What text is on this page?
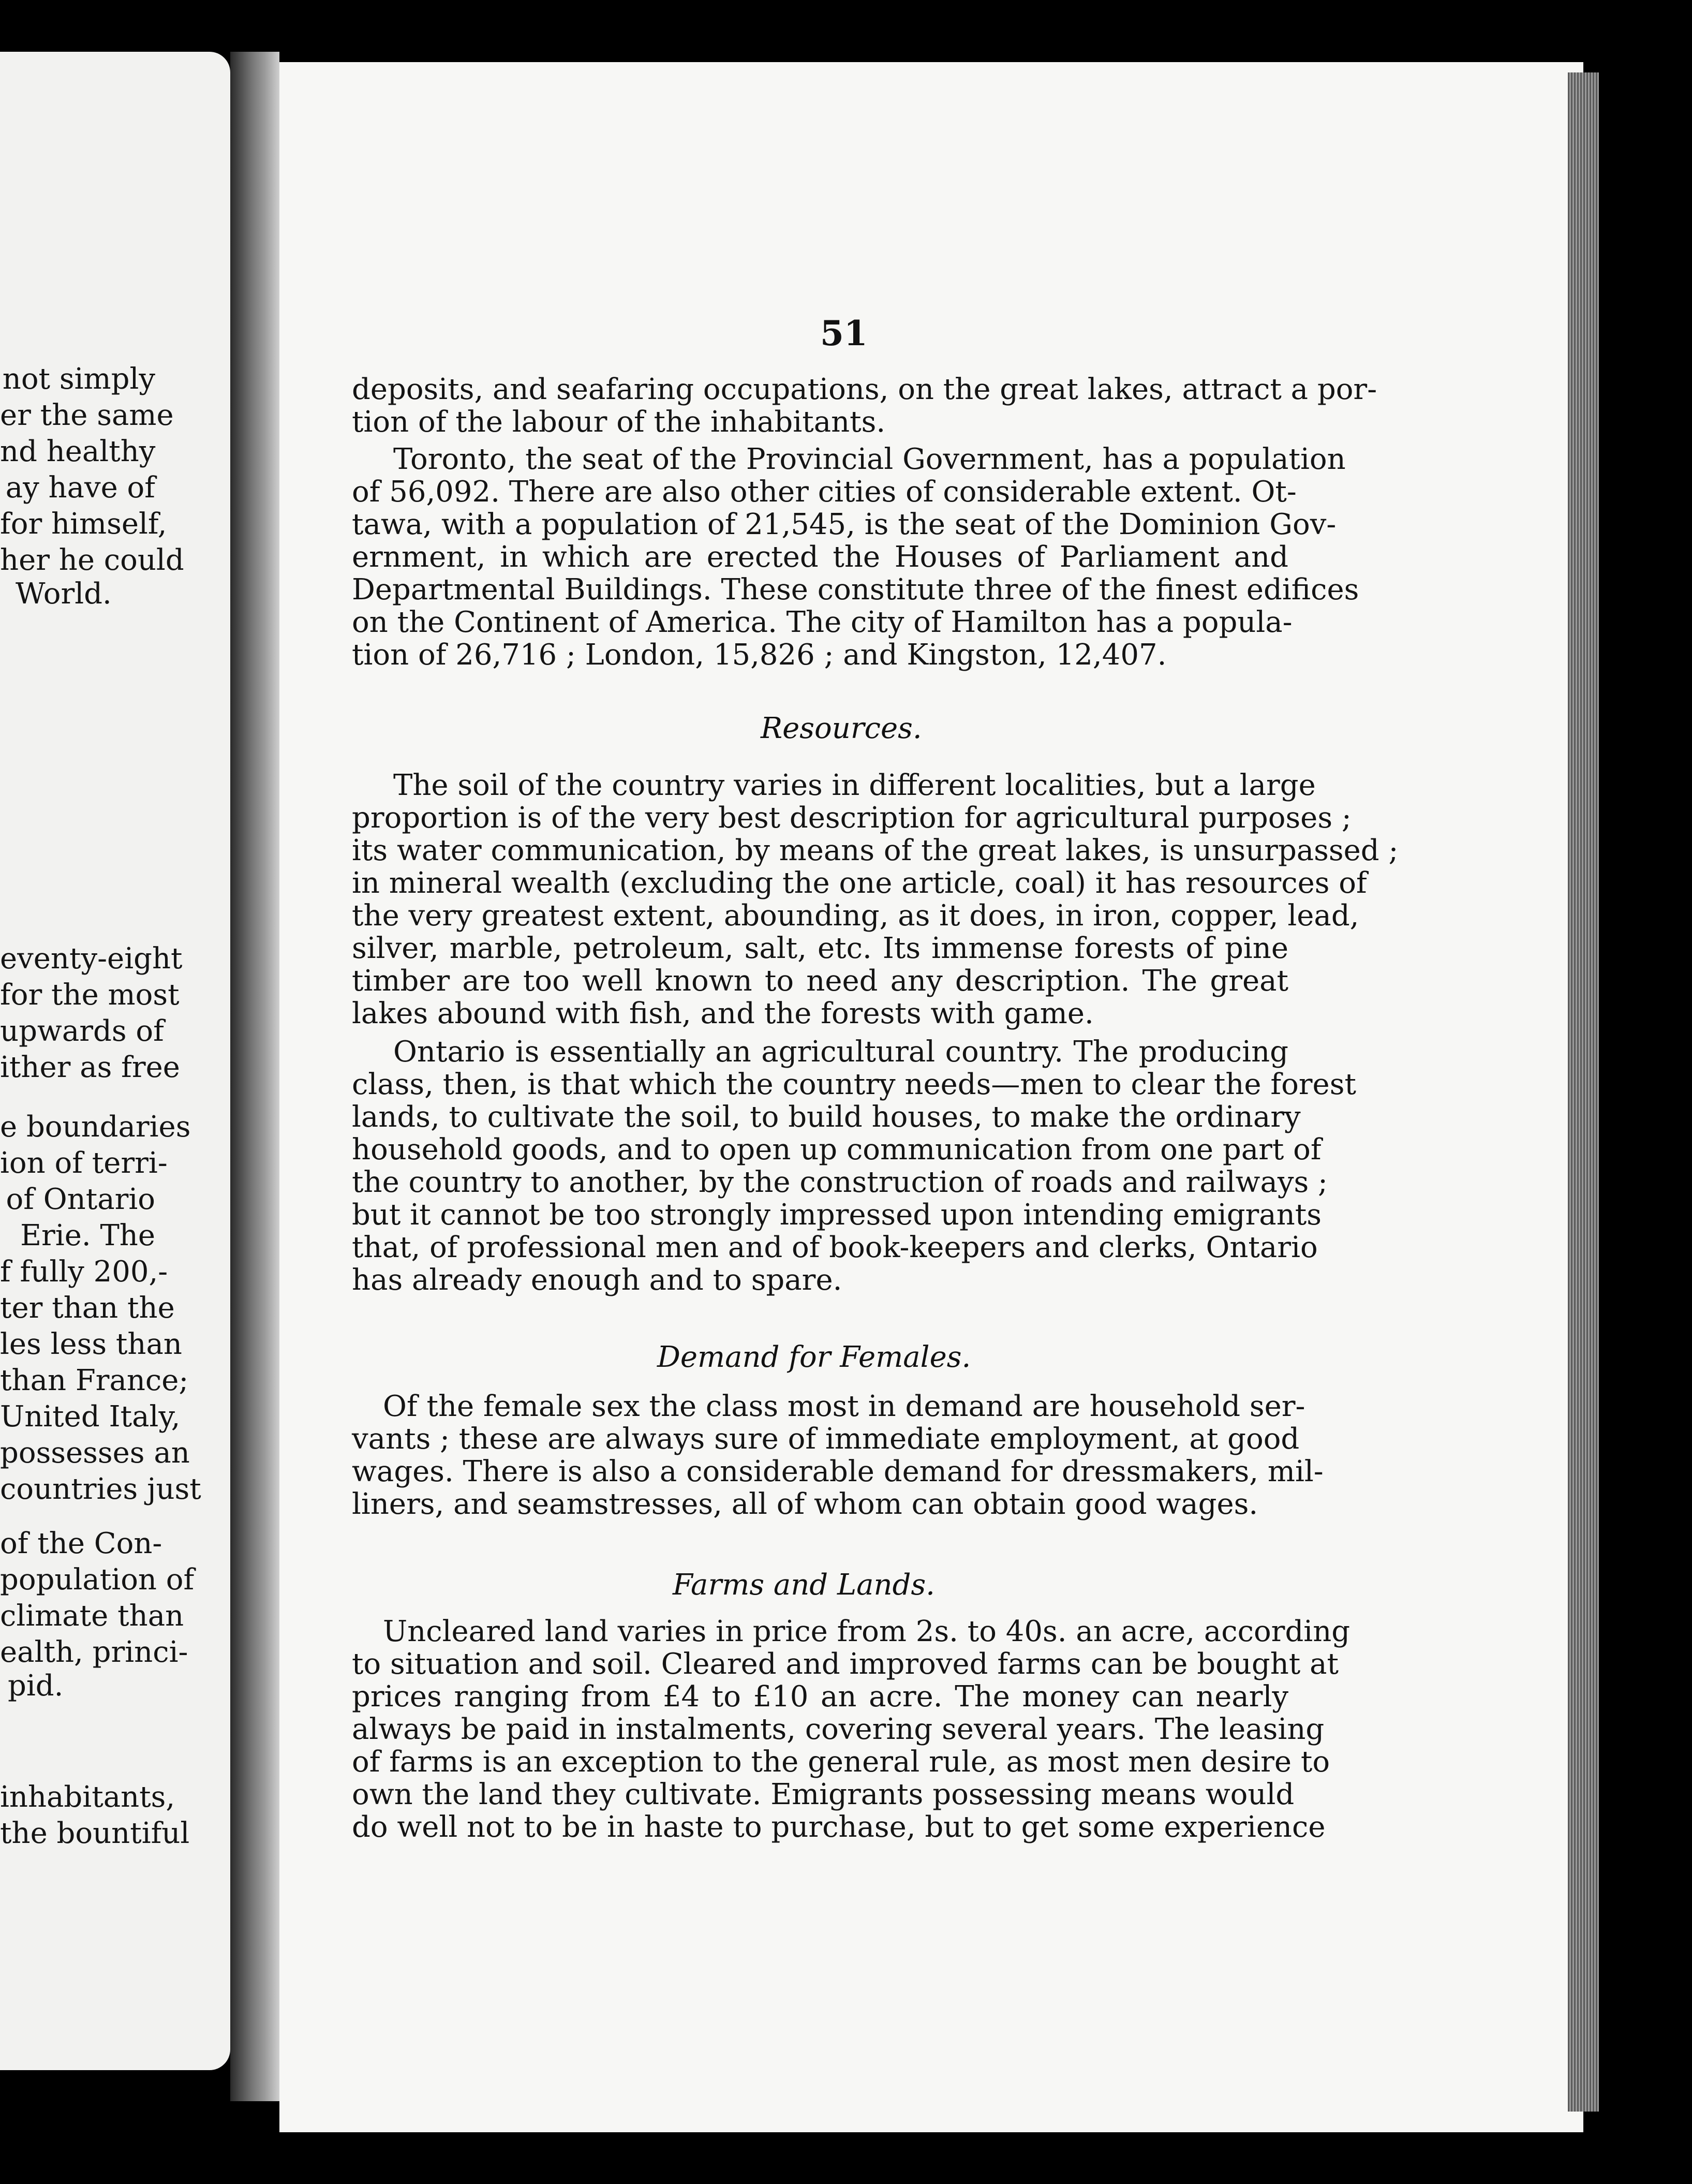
not simply
er the same
nd healthy
ay have of
for himself,
her he could
World.
eventy-eight
for the most
upwards of
ither as free
e boundaries
ion of terri-
of Ontario
Erie. The
f fully 200,-
ter than the
les less than
than France;
United Italy,
possesses an
countries just
of the Con-
population of
climate than
ealth, princi-
pid.
inhabitants,
the bountiful
51
deposits, and seafaring occupations, on the great lakes, attract a por-
tion of the labour of the inhabitants.
Toronto, the seat of the Provincial Government, has a population
of 56,092. There are also other cities of considerable extent. Ot-
tawa, with a population of 21,545, is the seat of the Dominion Gov-
ernment, in which are erected the Houses of Parliament and
Departmental Buildings. These constitute three of the finest edifices
on the Continent of America. The city of Hamilton has a popula-
tion of 26,716 ; London, 15,826 ; and Kingston, 12,407.
Resources.
The soil of the country varies in different localities, but a large
proportion is of the very best description for agricultural purposes ;
its water communication, by means of the great lakes, is unsurpassed ;
in mineral wealth (excluding the one article, coal) it has resources of
the very greatest extent, abounding, as it does, in iron, copper, lead,
silver, marble, petroleum, salt, etc. Its immense forests of pine
timber are too well known to need any description. The great
lakes abound with fish, and the forests with game.
Ontario is essentially an agricultural country. The producing
class, then, is that which the country needs—men to clear the forest
lands, to cultivate the soil, to build houses, to make the ordinary
household goods, and to open up communication from one part of
the country to another, by the construction of roads and railways ;
but it cannot be too strongly impressed upon intending emigrants
that, of professional men and of book-keepers and clerks, Ontario
has already enough and to spare.
Demand for Females.
Of the female sex the class most in demand are household ser-
vants ; these are always sure of immediate employment, at good
wages. There is also a considerable demand for dressmakers, mil-
liners, and seamstresses, all of whom can obtain good wages.
Farms and Lands.
Uncleared land varies in price from 2s. to 40s. an acre, according
to situation and soil. Cleared and improved farms can be bought at
prices ranging from £4 to £10 an acre. The money can nearly
always be paid in instalments, covering several years. The leasing
of farms is an exception to the general rule, as most men desire to
own the land they cultivate. Emigrants possessing means would
do well not to be in haste to purchase, but to get some experience
